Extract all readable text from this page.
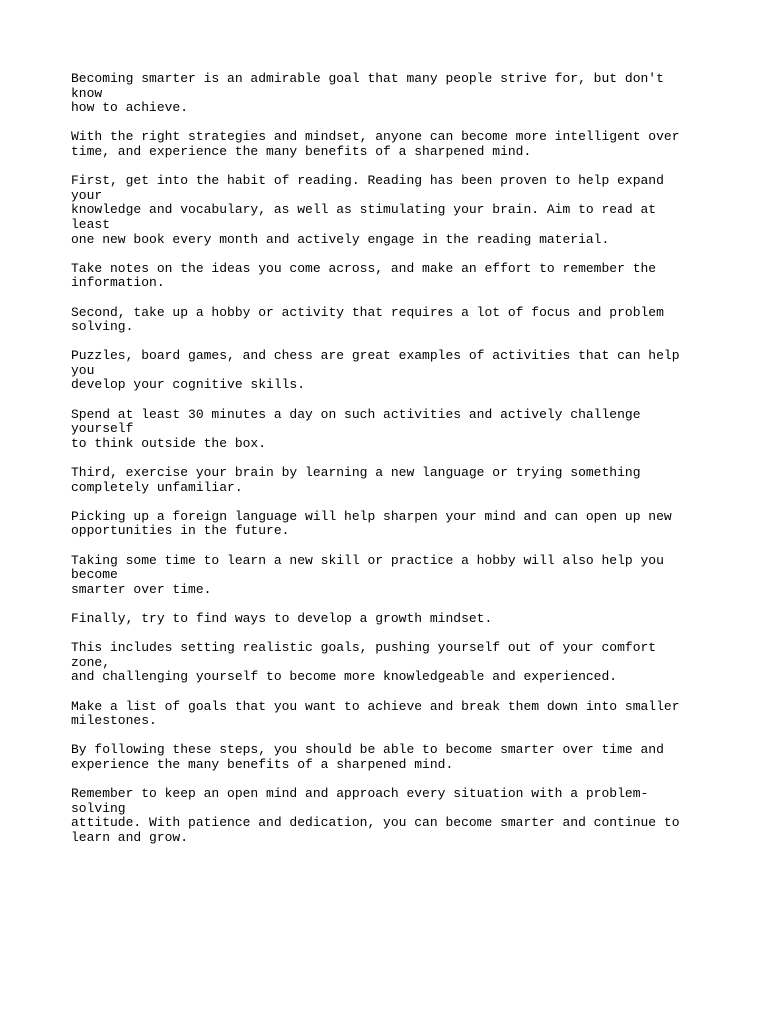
Becoming smarter is an admirable goal that many people strive for, but don't know
how to achieve.

With the right strategies and mindset, anyone can become more intelligent over
time, and experience the many benefits of a sharpened mind.

First, get into the habit of reading. Reading has been proven to help expand your
knowledge and vocabulary, as well as stimulating your brain. Aim to read at least
one new book every month and actively engage in the reading material.

Take notes on the ideas you come across, and make an effort to remember the
information.

Second, take up a hobby or activity that requires a lot of focus and problem
solving.

Puzzles, board games, and chess are great examples of activities that can help you
develop your cognitive skills.

Spend at least 30 minutes a day on such activities and actively challenge yourself
to think outside the box.

Third, exercise your brain by learning a new language or trying something
completely unfamiliar.

Picking up a foreign language will help sharpen your mind and can open up new
opportunities in the future.

Taking some time to learn a new skill or practice a hobby will also help you become
smarter over time.

Finally, try to find ways to develop a growth mindset.

This includes setting realistic goals, pushing yourself out of your comfort zone,
and challenging yourself to become more knowledgeable and experienced.

Make a list of goals that you want to achieve and break them down into smaller
milestones.

By following these steps, you should be able to become smarter over time and
experience the many benefits of a sharpened mind.

Remember to keep an open mind and approach every situation with a problem-solving
attitude. With patience and dedication, you can become smarter and continue to
learn and grow.
